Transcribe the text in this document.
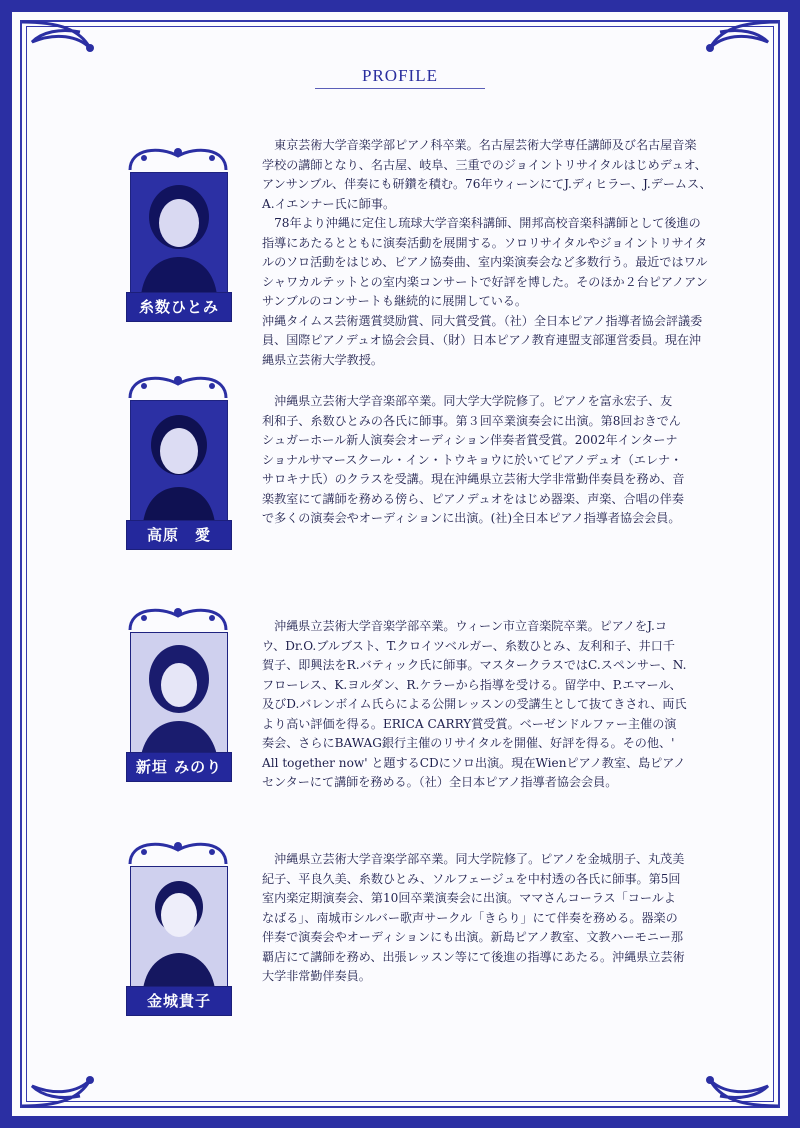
PROFILE
糸数ひとみ
　東京芸術大学音楽学部ピアノ科卒業。名古屋芸術大学専任講師及び名古屋音楽
学校の講師となり、名古屋、岐阜、三重でのジョイントリサイタルはじめデュオ、
アンサンブル、伴奏にも研鑽を積む。76年ウィーンにてJ.ディヒラー、J.デームス、
A.イエンナー氏に師事。
　78年より沖縄に定住し琉球大学音楽科講師、開邦高校音楽科講師として後進の
指導にあたるとともに演奏活動を展開する。ソロリサイタルやジョイントリサイタ
ルのソロ活動をはじめ、ピアノ協奏曲、室内楽演奏会など多数行う。最近ではワル
シャワカルテットとの室内楽コンサートで好評を博した。そのほか２台ピアノアン
サンブルのコンサートも継続的に展開している。
沖縄タイムス芸術選賞奨励賞、同大賞受賞。（社）全日本ピアノ指導者協会評議委
員、国際ピアノデュオ協会会員、（財）日本ピアノ教育連盟支部運営委員。現在沖
縄県立芸術大学教授。
高原　愛
　沖縄県立芸術大学音楽部卒業。同大学大学院修了。ピアノを富永宏子、友
利和子、糸数ひとみの各氏に師事。第３回卒業演奏会に出演。第8回おきでん
シュガーホール新人演奏会オーディション伴奏者賞受賞。2002年インターナ
ショナルサマースクール・イン・トウキョウに於いてピアノデュオ（エレナ・
サロキナ氏）のクラスを受講。現在沖縄県立芸術大学非常勤伴奏員を務め、音
楽教室にて講師を務める傍ら、ピアノデュオをはじめ器楽、声楽、合唱の伴奏
で多くの演奏会やオーディションに出演。(社)全日本ピアノ指導者協会会員。
新垣 みのり
　沖縄県立芸術大学音楽学部卒業。ウィーン市立音楽院卒業。ピアノをJ.コ
ウ、Dr.O.ブルブスト、T.クロイツベルガー、糸数ひとみ、友利和子、井口千
賀子、即興法をR.バティック氏に師事。マスタークラスではC.スペンサー、N.
フローレス、K.ヨルダン、R.ケラーから指導を受ける。留学中、P.エマール、
及びD.バレンボイム氏らによる公開レッスンの受講生として抜てきされ、両氏
より高い評価を得る。ERICA CARRY賞受賞。ベーゼンドルファー主催の演
奏会、さらにBAWAG銀行主催のリサイタルを開催、好評を得る。その他、'
All together now' と題するCDにソロ出演。現在Wienピアノ教室、島ピアノ
センターにて講師を務める。（社）全日本ピアノ指導者協会会員。
金城貴子
　沖縄県立芸術大学音楽学部卒業。同大学院修了。ピアノを金城朋子、丸茂美
紀子、平良久美、糸数ひとみ、ソルフェージュを中村透の各氏に師事。第5回
室内楽定期演奏会、第10回卒業演奏会に出演。ママさんコーラス「コールよ
なばる」、南城市シルバー歌声サークル「きらり」にて伴奏を務める。器楽の
伴奏で演奏会やオーディションにも出演。新島ピアノ教室、文教ハーモニー那
覇店にて講師を務め、出張レッスン等にて後進の指導にあたる。沖縄県立芸術
大学非常勤伴奏員。
